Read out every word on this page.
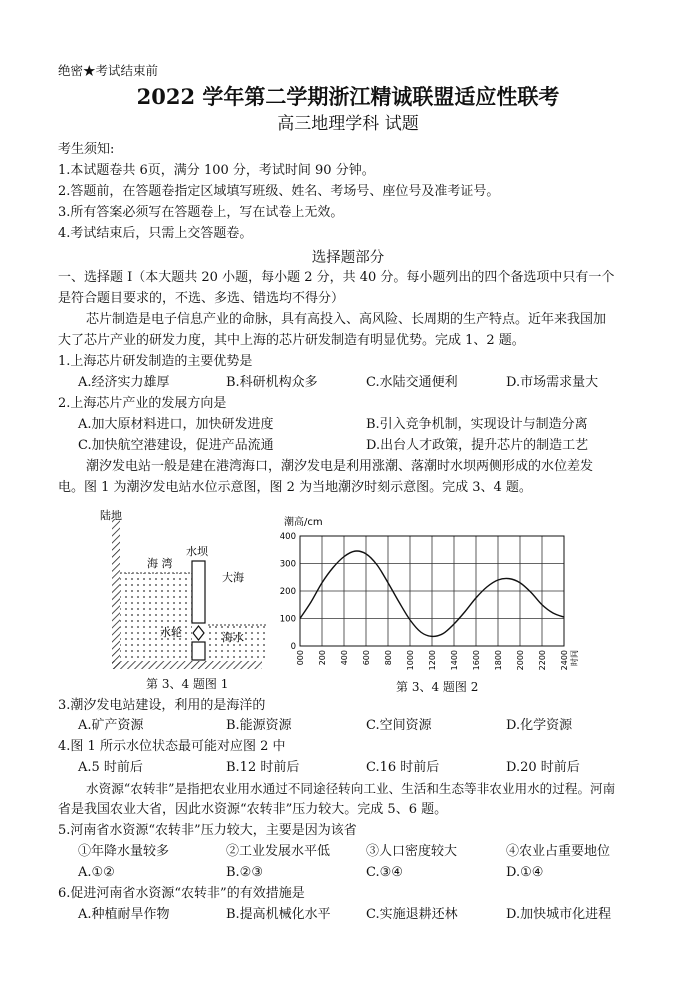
绝密★考试结束前
2022 学年第二学期浙江精诚联盟适应性联考
高三地理学科 试题
考生须知:
1.本试题卷共 6页，满分 100 分，考试时间 90 分钟。
2.答题前，在答题卷指定区域填写班级、姓名、考场号、座位号及准考证号。
3.所有答案必须写在答题卷上，写在试卷上无效。
4.考试结束后，只需上交答题卷。
选择题部分
一、选择题 Ⅰ（本大题共 20 小题，每小题 2 分，共 40 分。每小题列出的四个备选项中只有一个
是符合题目要求的，不选、多选、错选均不得分）
芯片制造是电子信息产业的命脉，具有高投入、高风险、长周期的生产特点。近年来我国加
大了芯片产业的研发力度，其中上海的芯片研发制造有明显优势。完成 1、2 题。
1.上海芯片研发制造的主要优势是
A.经济实力雄厚	B.科研机构众多	C.水陆交通便利	D.市场需求量大
2.上海芯片产业的发展方向是
A.加大原材料进口，加快研发进度	B.引入竞争机制，实现设计与制造分离
C.加快航空港建设，促进产品流通	D.出台人才政策，提升芯片的制造工艺
潮汐发电站一般是建在港湾海口，潮汐发电是利用涨潮、落潮时水坝两侧形成的水位差发
电。图 1 为潮汐发电站水位示意图，图 2 为当地潮汐时刻示意图。完成 3、4 题。
陆地
海 湾
水坝
大海
水轮	海水
第 3、4 题图 1
潮高/cm
0
100
200
300
400
000 200 400 600 800 1000 1200 1400 1600 1800 2000 2200 2400 时间
第 3、4 题图 2
3.潮汐发电站建设，利用的是海洋的
A.矿产资源	B.能源资源	C.空间资源	D.化学资源
4.图 1 所示水位状态最可能对应图 2 中
A.5 时前后	B.12 时前后	C.16 时前后	D.20 时前后
水资源“农转非”是指把农业用水通过不同途径转向工业、生活和生态等非农业用水的过程。河南
省是我国农业大省，因此水资源“农转非”压力较大。完成 5、6 题。
5.河南省水资源“农转非”压力较大，主要是因为该省
①年降水量较多	②工业发展水平低	③人口密度较大	④农业占重要地位
A.①②	B.②③	C.③④	D.①④
6.促进河南省水资源“农转非”的有效措施是
A.种植耐旱作物	B.提高机械化水平	C.实施退耕还林	D.加快城市化进程
